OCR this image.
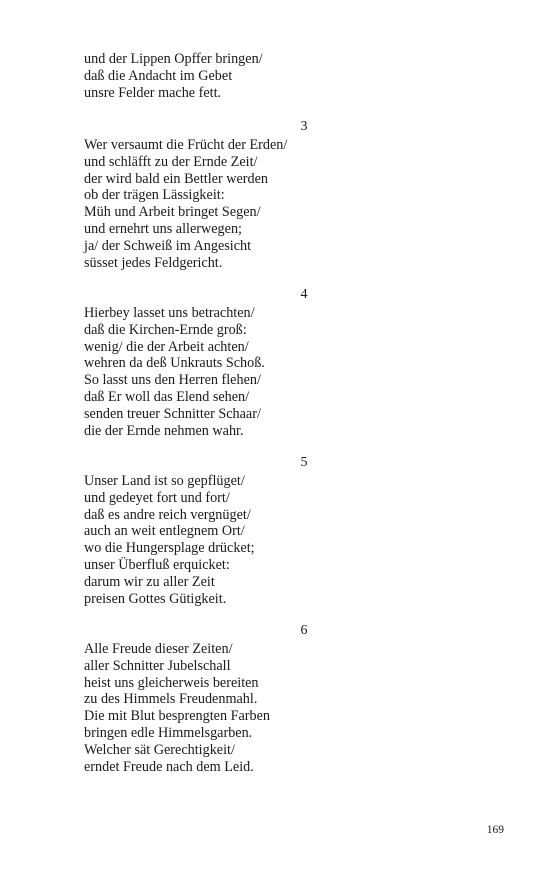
und der Lippen Opffer bringen/
daß die Andacht im Gebet
unsre Felder mache fett.
3
Wer versaumt die Frücht der Erden/
und schläfft zu der Ernde Zeit/
der wird bald ein Bettler werden
ob der trägen Lässigkeit:
Müh und Arbeit bringet Segen/
und ernehrt uns allerwegen;
ja/ der Schweiß im Angesicht
süsset jedes Feldgericht.
4
Hierbey lasset uns betrachten/
daß die Kirchen-Ernde groß:
wenig/ die der Arbeit achten/
wehren da deß Unkrauts Schoß.
So lasst uns den Herren flehen/
daß Er woll das Elend sehen/
senden treuer Schnitter Schaar/
die der Ernde nehmen wahr.
5
Unser Land ist so gepflüget/
und gedeyet fort und fort/
daß es andre reich vergnüget/
auch an weit entlegnem Ort/
wo die Hungersplage drücket;
unser Überfluß erquicket:
darum wir zu aller Zeit
preisen Gottes Gütigkeit.
6
Alle Freude dieser Zeiten/
aller Schnitter Jubelschall
heist uns gleicherweis bereiten
zu des Himmels Freudenmahl.
Die mit Blut besprengten Farben
bringen edle Himmelsgarben.
Welcher sät Gerechtigkeit/
erndet Freude nach dem Leid.
169
